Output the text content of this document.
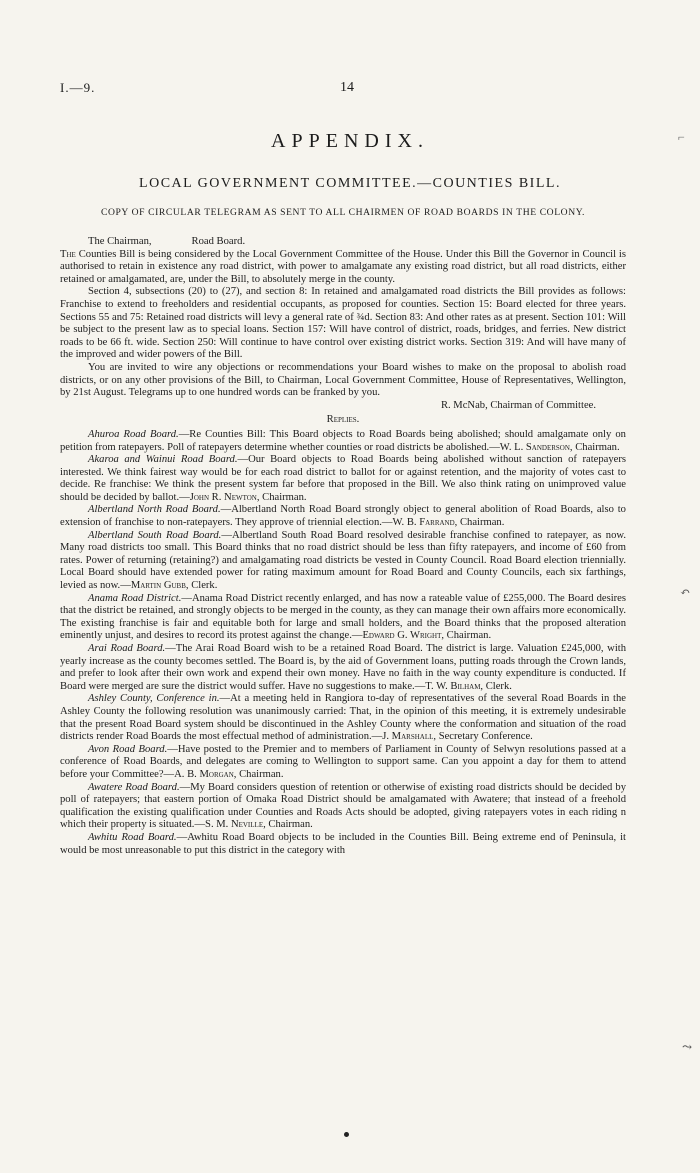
I.—9.	14
APPENDIX.
LOCAL GOVERNMENT COMMITTEE.—COUNTIES BILL.
COPY OF CIRCULAR TELEGRAM AS SENT TO ALL CHAIRMEN OF ROAD BOARDS IN THE COLONY.

The Chairman,	Road Board.

The Counties Bill is being considered by the Local Government Committee of the House. Under this Bill the Governor in Council is authorised to retain in existence any road district, with power to amalgamate any existing road district, but all road districts, either retained or amalgamated, are, under the Bill, to absolutely merge in the county.

Section 4, subsections (20) to (27), and section 8: In retained and amalgamated road districts the Bill provides as follows: Franchise to extend to freeholders and residential occupants, as proposed for counties. Section 15: Board elected for three years. Sections 55 and 75: Retained road districts will levy a general rate of ¾d. Section 83: And other rates as at present. Section 101: Will be subject to the present law as to special loans. Section 157: Will have control of district, roads, bridges, and ferries. New district roads to be 66 ft. wide. Section 250: Will continue to have control over existing district works. Section 319: And will have many of the improved and wider powers of the Bill.

You are invited to wire any objections or recommendations your Board wishes to make on the proposal to abolish road districts, or on any other provisions of the Bill, to Chairman, Local Government Committee, House of Representatives, Wellington, by 21st August. Telegrams up to one hundred words can be franked by you.

R. McNab, Chairman of Committee.

Replies.

Ahuroa Road Board.—Re Counties Bill: This Board objects to Road Boards being abolished; should amalgamate only on petition from ratepayers. Poll of ratepayers determine whether counties or road districts be abolished.—W. L. Sanderson, Chairman.

Akaroa and Wainui Road Board.—Our Board objects to Road Boards being abolished without sanction of ratepayers interested. We think fairest way would be for each road district to ballot for or against retention, and the majority of votes cast to decide. Re franchise: We think the present system far before that proposed in the Bill. We also think rating on unimproved value should be decided by ballot.—John R. Newton, Chairman.

Albertland North Road Board.—Albertland North Road Board strongly object to general abolition of Road Boards, also to extension of franchise to non-ratepayers. They approve of triennial election.—W. B. Farrand, Chairman.

Albertland South Road Board.—Albertland South Road Board resolved desirable franchise confined to ratepayer, as now. Many road districts too small. This Board thinks that no road district should be less than fifty ratepayers, and income of £60 from rates. Power of returning (retaining?) and amalgamating road districts be vested in County Council. Road Board election triennially. Local Board should have extended power for rating maximum amount for Road Board and County Councils, each six farthings, levied as now.—Martin Gubb, Clerk.

Anama Road District.—Anama Road District recently enlarged, and has now a rateable value of £255,000. The Board desires that the district be retained, and strongly objects to be merged in the county, as they can manage their own affairs more economically. The existing franchise is fair and equitable both for large and small holders, and the Board thinks that the proposed alteration eminently unjust, and desires to record its protest against the change.—Edward G. Wright, Chairman.

Arai Road Board.—The Arai Road Board wish to be a retained Road Board. The district is large. Valuation £245,000, with yearly increase as the county becomes settled. The Board is, by the aid of Government loans, putting roads through the Crown lands, and prefer to look after their own work and expend their own money. Have no faith in the way county expenditure is conducted. If Board were merged are sure the district would suffer. Have no suggestions to make.—T. W. Bilham, Clerk.

Ashley County, Conference in.—At a meeting held in Rangiora to-day of representatives of the several Road Boards in the Ashley County the following resolution was unanimously carried: That, in the opinion of this meeting, it is extremely undesirable that the present Road Board system should be discontinued in the Ashley County where the conformation and situation of the road districts render Road Boards the most effectual method of administration.—J. Marshall, Secretary Conference.

Avon Road Board.—Have posted to the Premier and to members of Parliament in County of Selwyn resolutions passed at a conference of Road Boards, and delegates are coming to Wellington to support same. Can you appoint a day for them to attend before your Committee?—A. B. Morgan, Chairman.

Awatere Road Board.—My Board considers question of retention or otherwise of existing road districts should be decided by poll of ratepayers; that eastern portion of Omaka Road District should be amalgamated with Awatere; that instead of a freehold qualification the existing qualification under Counties and Roads Acts should be adopted, giving ratepayers votes in each riding n which their property is situated.—S. M. Neville, Chairman.

Awhitu Road Board.—Awhitu Road Board objects to be included in the Counties Bill. Being extreme end of Peninsula, it would be most unreasonable to put this district in the category with

⌐
↶
⤳
